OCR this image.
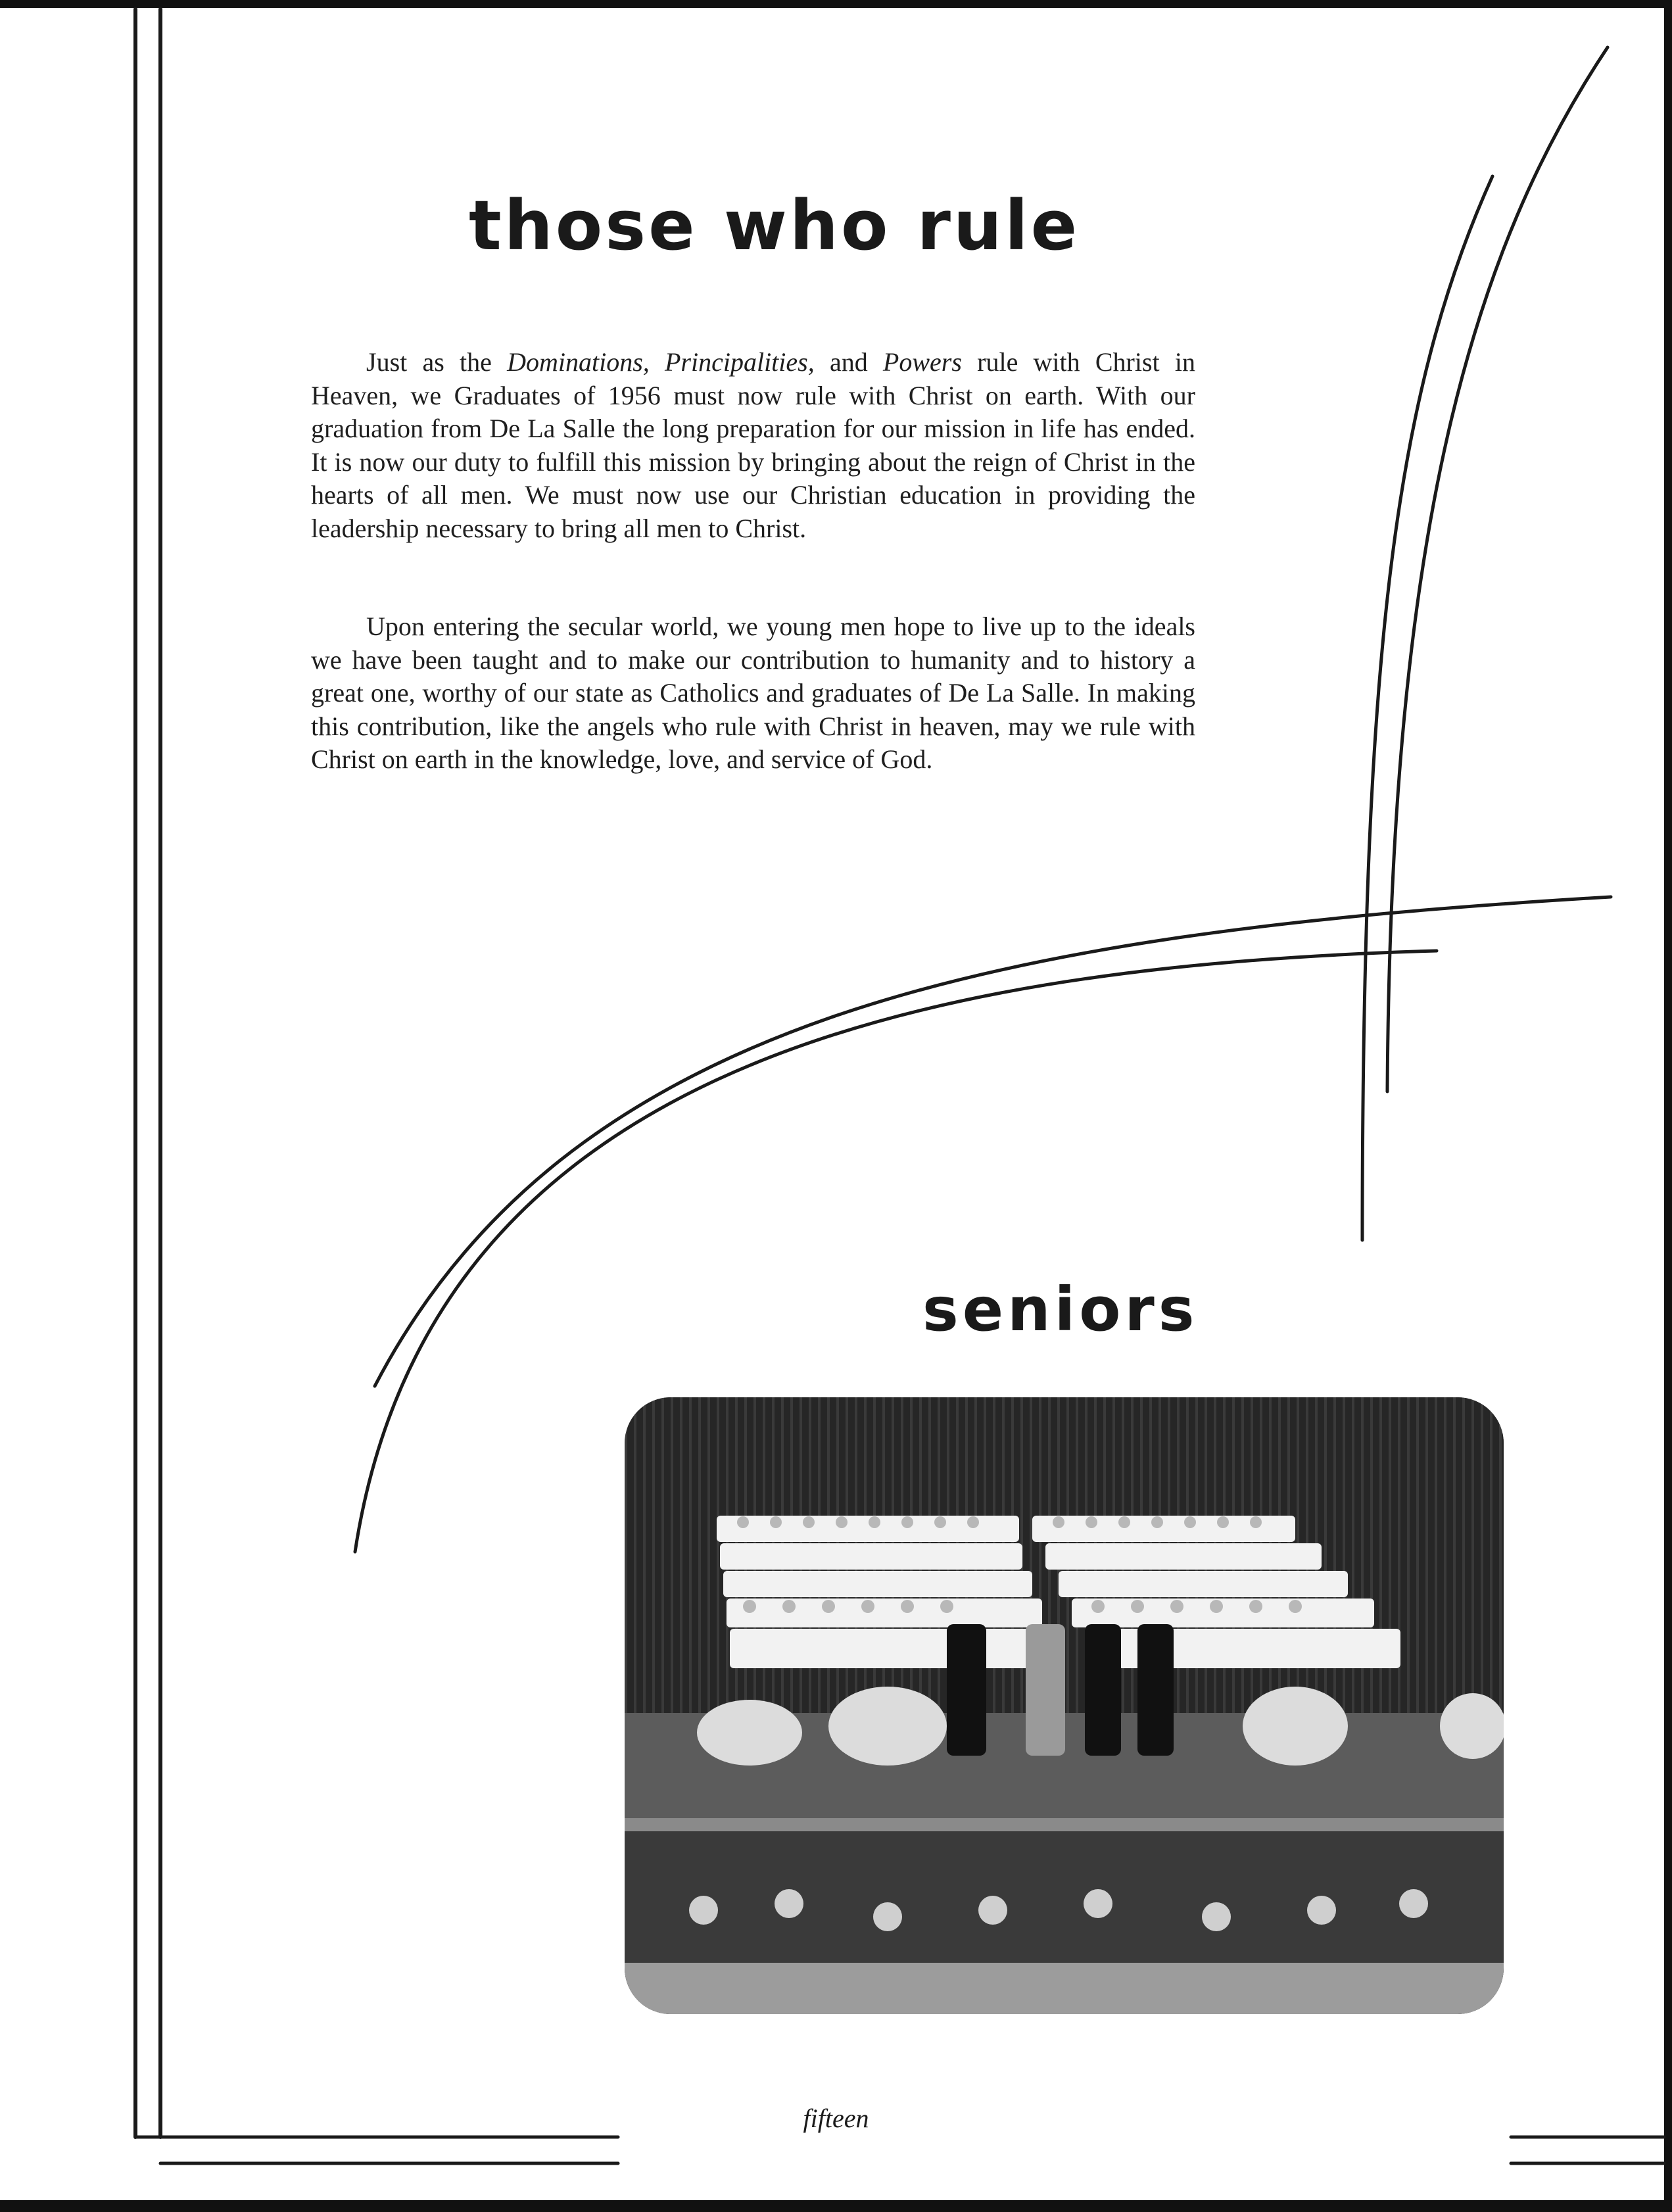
those who rule

Just as the Dominations, Principalities, and Powers rule with Christ in Heaven, we Graduates of 1956 must now rule with Christ on earth. With our graduation from De La Salle the long preparation for our mission in life has ended. It is now our duty to fulfill this mission by bringing about the reign of Christ in the hearts of all men. We must now use our Christian education in providing the leadership necessary to bring all men to Christ.

Upon entering the secular world, we young men hope to live up to the ideals we have been taught and to make our contribution to humanity and to history a great one, worthy of our state as Catholics and graduates of De La Salle. In making this contribution, like the angels who rule with Christ in heaven, may we rule with Christ on earth in the knowledge, love, and service of God.

seniors

fifteen
